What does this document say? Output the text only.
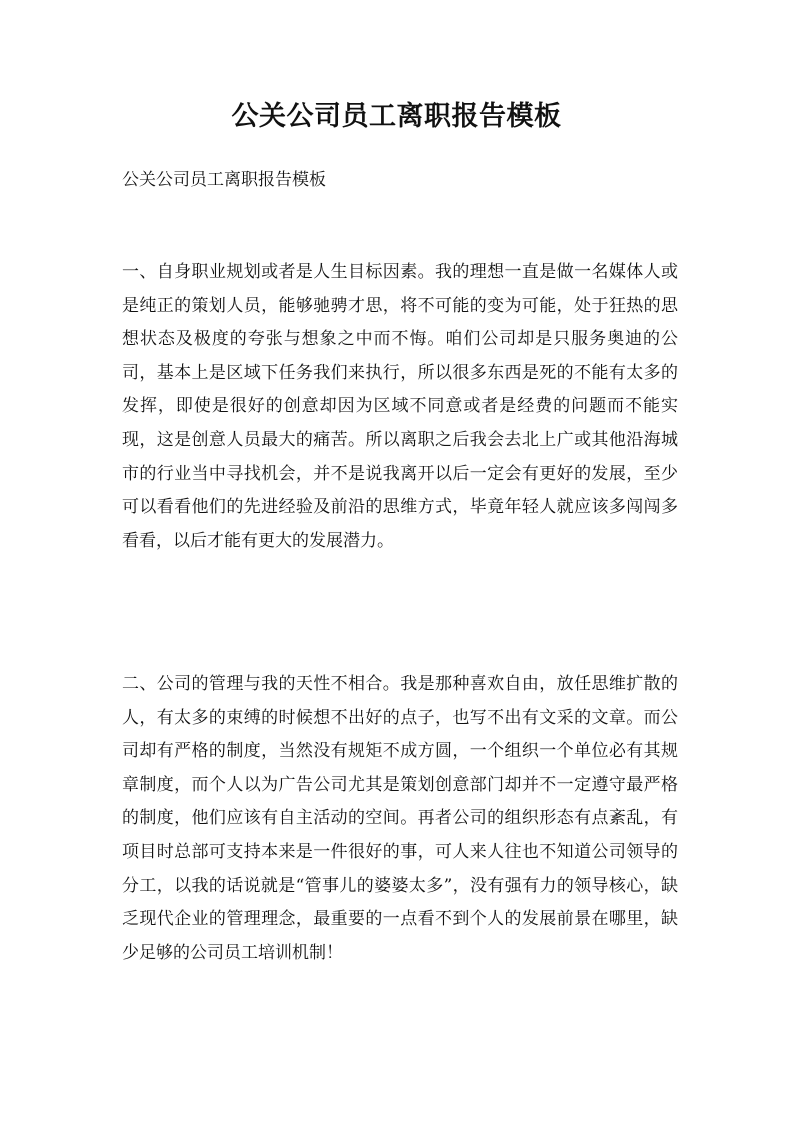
公关公司员工离职报告模板

公关公司员工离职报告模板

一、自身职业规划或者是人生目标因素。我的理想一直是做一名媒体人或是纯正的策划人员，能够驰骋才思，将不可能的变为可能，处于狂热的思想状态及极度的夸张与想象之中而不悔。咱们公司却是只服务奥迪的公司，基本上是区域下任务我们来执行，所以很多东西是死的不能有太多的发挥，即使是很好的创意却因为区域不同意或者是经费的问题而不能实现，这是创意人员最大的痛苦。所以离职之后我会去北上广或其他沿海城市的行业当中寻找机会，并不是说我离开以后一定会有更好的发展，至少可以看看他们的先进经验及前沿的思维方式，毕竟年轻人就应该多闯闯多看看，以后才能有更大的发展潜力。

二、公司的管理与我的天性不相合。我是那种喜欢自由，放任思维扩散的人，有太多的束缚的时候想不出好的点子，也写不出有文采的文章。而公司却有严格的制度，当然没有规矩不成方圆，一个组织一个单位必有其规章制度，而个人以为广告公司尤其是策划创意部门却并不一定遵守最严格的制度，他们应该有自主活动的空间。再者公司的组织形态有点紊乱，有项目时总部可支持本来是一件很好的事，可人来人往也不知道公司领导的分工，以我的话说就是“管事儿的婆婆太多”，没有强有力的领导核心，缺乏现代企业的管理理念，最重要的一点看不到个人的发展前景在哪里，缺少足够的公司员工培训机制！
